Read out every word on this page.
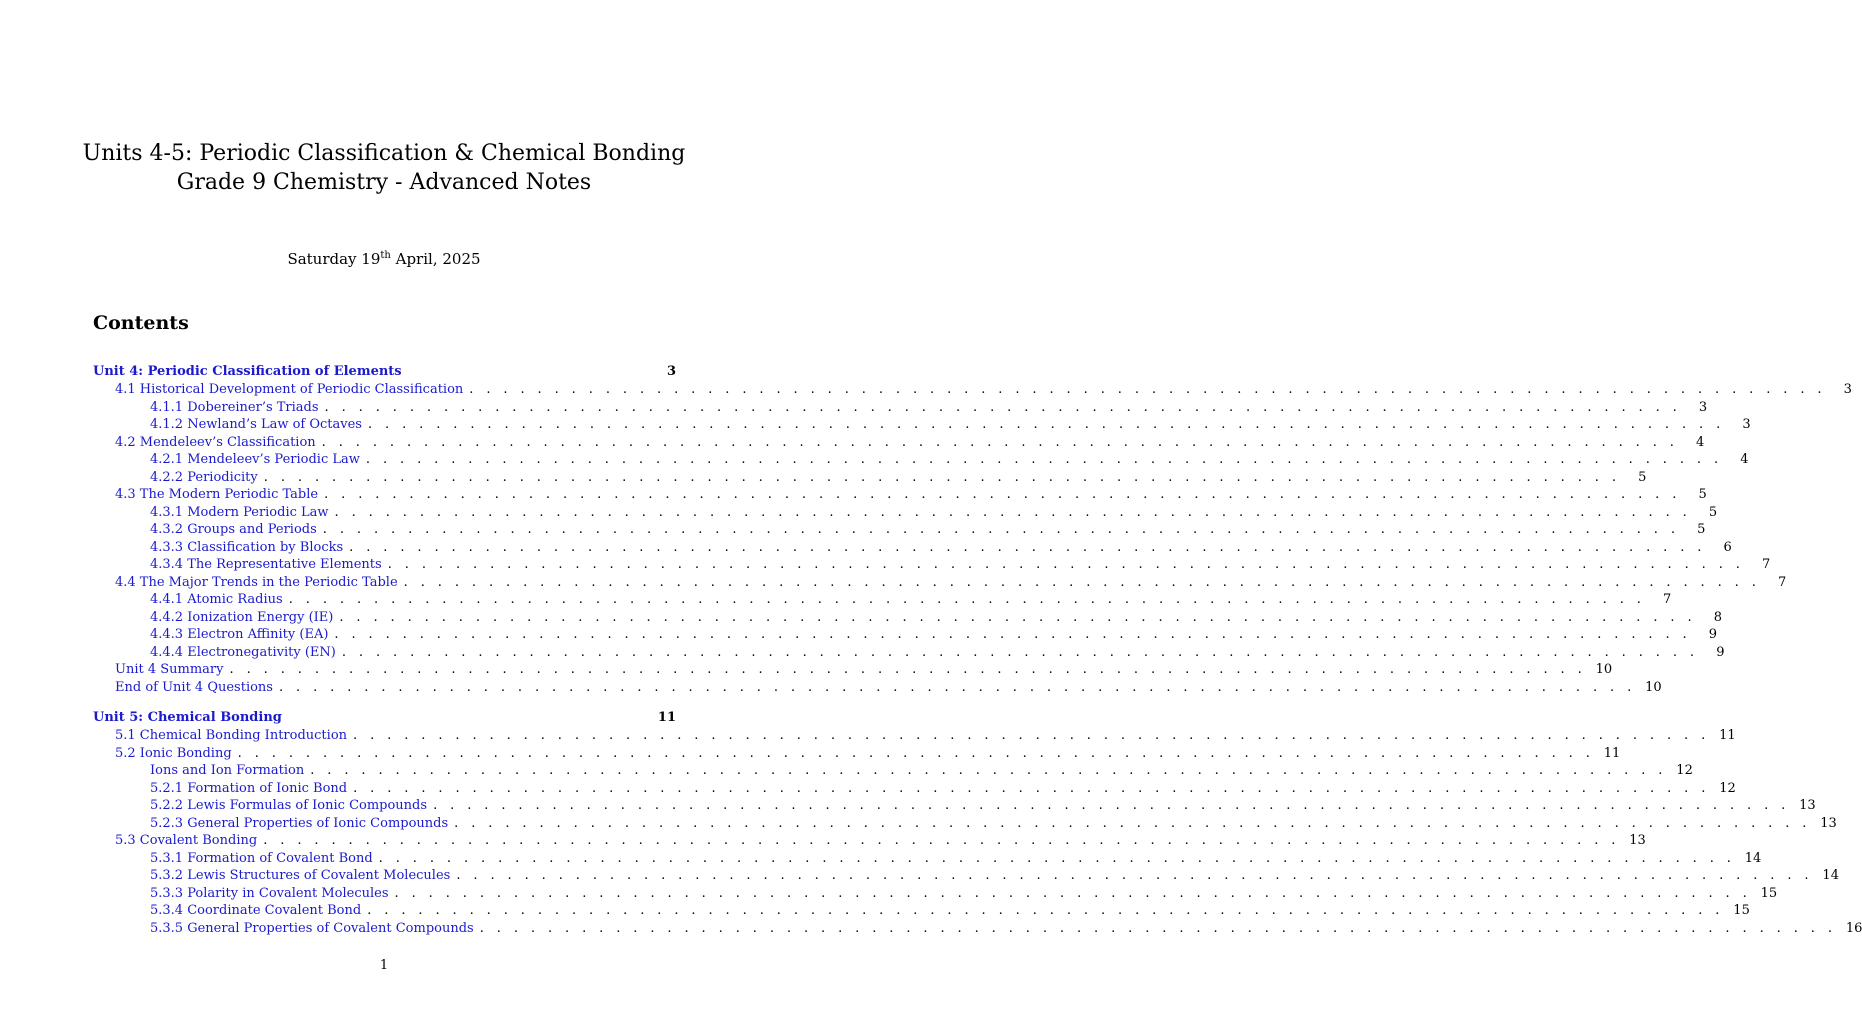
Units 4-5: Periodic Classification & Chemical Bonding
Grade 9 Chemistry - Advanced Notes
Saturday 19th April, 2025
Contents
Unit 4: Periodic Classification of Elements	3
4.1 Historical Development of Periodic Classification . . . . . . . . . . . . . . . . . . . . . . . . . . . . . . . . . . . . . . . . . . . . . . . . . . . . . . . . . . . . . . . . . . . . . . . . . . . . . . . .	3
4.1.1 Dobereiner’s Triads . . . . . . . . . . . . . . . . . . . . . . . . . . . . . . . . . . . . . . . . . . . . . . . . . . . . . . . . . . . . . . . . . . . . . . . . . . . . . . . .	3
4.1.2 Newland’s Law of Octaves . . . . . . . . . . . . . . . . . . . . . . . . . . . . . . . . . . . . . . . . . . . . . . . . . . . . . . . . . . . . . . . . . . . . . . . . . . . . . . . .	3
4.2 Mendeleev’s Classification . . . . . . . . . . . . . . . . . . . . . . . . . . . . . . . . . . . . . . . . . . . . . . . . . . . . . . . . . . . . . . . . . . . . . . . . . . . . . . . .	4
4.2.1 Mendeleev’s Periodic Law . . . . . . . . . . . . . . . . . . . . . . . . . . . . . . . . . . . . . . . . . . . . . . . . . . . . . . . . . . . . . . . . . . . . . . . . . . . . . . . .	4
4.2.2 Periodicity . . . . . . . . . . . . . . . . . . . . . . . . . . . . . . . . . . . . . . . . . . . . . . . . . . . . . . . . . . . . . . . . . . . . . . . . . . . . . . . .	5
4.3 The Modern Periodic Table . . . . . . . . . . . . . . . . . . . . . . . . . . . . . . . . . . . . . . . . . . . . . . . . . . . . . . . . . . . . . . . . . . . . . . . . . . . . . . . .	5
4.3.1 Modern Periodic Law . . . . . . . . . . . . . . . . . . . . . . . . . . . . . . . . . . . . . . . . . . . . . . . . . . . . . . . . . . . . . . . . . . . . . . . . . . . . . . . .	5
4.3.2 Groups and Periods . . . . . . . . . . . . . . . . . . . . . . . . . . . . . . . . . . . . . . . . . . . . . . . . . . . . . . . . . . . . . . . . . . . . . . . . . . . . . . . .	5
4.3.3 Classification by Blocks . . . . . . . . . . . . . . . . . . . . . . . . . . . . . . . . . . . . . . . . . . . . . . . . . . . . . . . . . . . . . . . . . . . . . . . . . . . . . . . .	6
4.3.4 The Representative Elements . . . . . . . . . . . . . . . . . . . . . . . . . . . . . . . . . . . . . . . . . . . . . . . . . . . . . . . . . . . . . . . . . . . . . . . . . . . . . . . .	7
4.4 The Major Trends in the Periodic Table . . . . . . . . . . . . . . . . . . . . . . . . . . . . . . . . . . . . . . . . . . . . . . . . . . . . . . . . . . . . . . . . . . . . . . . . . . . . . . . .	7
4.4.1 Atomic Radius . . . . . . . . . . . . . . . . . . . . . . . . . . . . . . . . . . . . . . . . . . . . . . . . . . . . . . . . . . . . . . . . . . . . . . . . . . . . . . . .	7
4.4.2 Ionization Energy (IE) . . . . . . . . . . . . . . . . . . . . . . . . . . . . . . . . . . . . . . . . . . . . . . . . . . . . . . . . . . . . . . . . . . . . . . . . . . . . . . . .	8
4.4.3 Electron Affinity (EA) . . . . . . . . . . . . . . . . . . . . . . . . . . . . . . . . . . . . . . . . . . . . . . . . . . . . . . . . . . . . . . . . . . . . . . . . . . . . . . . .	9
4.4.4 Electronegativity (EN) . . . . . . . . . . . . . . . . . . . . . . . . . . . . . . . . . . . . . . . . . . . . . . . . . . . . . . . . . . . . . . . . . . . . . . . . . . . . . . . .	9
Unit 4 Summary . . . . . . . . . . . . . . . . . . . . . . . . . . . . . . . . . . . . . . . . . . . . . . . . . . . . . . . . . . . . . . . . . . . . . . . . . . . . . . . . 10
End of Unit 4 Questions . . . . . . . . . . . . . . . . . . . . . . . . . . . . . . . . . . . . . . . . . . . . . . . . . . . . . . . . . . . . . . . . . . . . . . . . . . . . . . . . 10
Unit 5: Chemical Bonding	11
5.1 Chemical Bonding Introduction . . . . . . . . . . . . . . . . . . . . . . . . . . . . . . . . . . . . . . . . . . . . . . . . . . . . . . . . . . . . . . . . . . . . . . . . . . . . . . . . 11
5.2 Ionic Bonding . . . . . . . . . . . . . . . . . . . . . . . . . . . . . . . . . . . . . . . . . . . . . . . . . . . . . . . . . . . . . . . . . . . . . . . . . . . . . . . . 11
Ions and Ion Formation . . . . . . . . . . . . . . . . . . . . . . . . . . . . . . . . . . . . . . . . . . . . . . . . . . . . . . . . . . . . . . . . . . . . . . . . . . . . . . . . 12
5.2.1 Formation of Ionic Bond . . . . . . . . . . . . . . . . . . . . . . . . . . . . . . . . . . . . . . . . . . . . . . . . . . . . . . . . . . . . . . . . . . . . . . . . . . . . . . . . 12
5.2.2 Lewis Formulas of Ionic Compounds . . . . . . . . . . . . . . . . . . . . . . . . . . . . . . . . . . . . . . . . . . . . . . . . . . . . . . . . . . . . . . . . . . . . . . . . . . . . . . . . 13
5.2.3 General Properties of Ionic Compounds . . . . . . . . . . . . . . . . . . . . . . . . . . . . . . . . . . . . . . . . . . . . . . . . . . . . . . . . . . . . . . . . . . . . . . . . . . . . . . . . 13
5.3 Covalent Bonding . . . . . . . . . . . . . . . . . . . . . . . . . . . . . . . . . . . . . . . . . . . . . . . . . . . . . . . . . . . . . . . . . . . . . . . . . . . . . . . . 13
5.3.1 Formation of Covalent Bond . . . . . . . . . . . . . . . . . . . . . . . . . . . . . . . . . . . . . . . . . . . . . . . . . . . . . . . . . . . . . . . . . . . . . . . . . . . . . . . . 14
5.3.2 Lewis Structures of Covalent Molecules . . . . . . . . . . . . . . . . . . . . . . . . . . . . . . . . . . . . . . . . . . . . . . . . . . . . . . . . . . . . . . . . . . . . . . . . . . . . . . . . 14
5.3.3 Polarity in Covalent Molecules . . . . . . . . . . . . . . . . . . . . . . . . . . . . . . . . . . . . . . . . . . . . . . . . . . . . . . . . . . . . . . . . . . . . . . . . . . . . . . . . 15
5.3.4 Coordinate Covalent Bond . . . . . . . . . . . . . . . . . . . . . . . . . . . . . . . . . . . . . . . . . . . . . . . . . . . . . . . . . . . . . . . . . . . . . . . . . . . . . . . . 15
5.3.5 General Properties of Covalent Compounds . . . . . . . . . . . . . . . . . . . . . . . . . . . . . . . . . . . . . . . . . . . . . . . . . . . . . . . . . . . . . . . . . . . . . . . . . . . . . . . . 16
1
